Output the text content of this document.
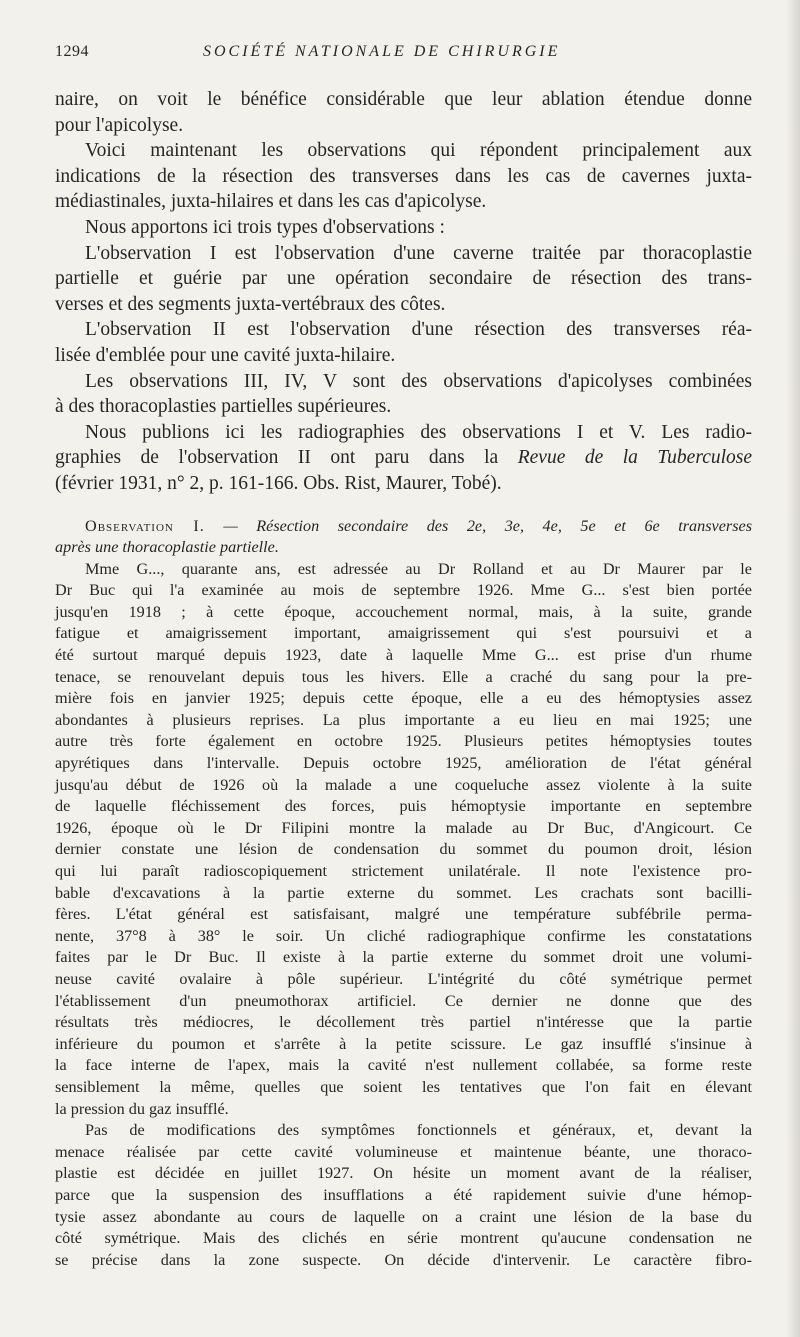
1294	SOCIÉTÉ NATIONALE DE CHIRURGIE

naire, on voit le bénéfice considérable que leur ablation étendue donne

pour l'apicolyse.

Voici maintenant les observations qui répondent principalement aux

indications de la résection des transverses dans les cas de cavernes juxta-

médiastinales, juxta-hilaires et dans les cas d'apicolyse.

Nous apportons ici trois types d'observations :

L'observation I est l'observation d'une caverne traitée par thoracoplastie

partielle et guérie par une opération secondaire de résection des trans-

verses et des segments juxta-vertébraux des côtes.

L'observation II est l'observation d'une résection des transverses réa-

lisée d'emblée pour une cavité juxta-hilaire.

Les observations III, IV, V sont des observations d'apicolyses combinées

à des thoracoplasties partielles supérieures.

Nous publions ici les radiographies des observations I et V. Les radio-

graphies de l'observation II ont paru dans la Revue de la Tuberculose

(février 1931, n° 2, p. 161-166. Obs. Rist, Maurer, Tobé).

Observation I. — Résection secondaire des 2e, 3e, 4e, 5e et 6e transverses

après une thoracoplastie partielle.

Mme G..., quarante ans, est adressée au Dr Rolland et au Dr Maurer par le

Dr Buc qui l'a examinée au mois de septembre 1926. Mme G... s'est bien portée

jusqu'en 1918 ; à cette époque, accouchement normal, mais, à la suite, grande

fatigue et amaigrissement important, amaigrissement qui s'est poursuivi et a

été surtout marqué depuis 1923, date à laquelle Mme G... est prise d'un rhume

tenace, se renouvelant depuis tous les hivers. Elle a craché du sang pour la pre-

mière fois en janvier 1925; depuis cette époque, elle a eu des hémoptysies assez

abondantes à plusieurs reprises. La plus importante a eu lieu en mai 1925; une

autre très forte également en octobre 1925. Plusieurs petites hémoptysies toutes

apyrétiques dans l'intervalle. Depuis octobre 1925, amélioration de l'état général

jusqu'au début de 1926 où la malade a une coqueluche assez violente à la suite

de laquelle fléchissement des forces, puis hémoptysie importante en septembre

1926, époque où le Dr Filipini montre la malade au Dr Buc, d'Angicourt. Ce

dernier constate une lésion de condensation du sommet du poumon droit, lésion

qui lui paraît radioscopiquement strictement unilatérale. Il note l'existence pro-

bable d'excavations à la partie externe du sommet. Les crachats sont bacilli-

fères. L'état général est satisfaisant, malgré une température subfébrile perma-

nente, 37°8 à 38° le soir. Un cliché radiographique confirme les constatations

faites par le Dr Buc. Il existe à la partie externe du sommet droit une volumi-

neuse cavité ovalaire à pôle supérieur. L'intégrité du côté symétrique permet

l'établissement d'un pneumothorax artificiel. Ce dernier ne donne que des

résultats très médiocres, le décollement très partiel n'intéresse que la partie

inférieure du poumon et s'arrête à la petite scissure. Le gaz insufflé s'insinue à

la face interne de l'apex, mais la cavité n'est nullement collabée, sa forme reste

sensiblement la même, quelles que soient les tentatives que l'on fait en élevant

la pression du gaz insufflé.

Pas de modifications des symptômes fonctionnels et généraux, et, devant la

menace réalisée par cette cavité volumineuse et maintenue béante, une thoraco-

plastie est décidée en juillet 1927. On hésite un moment avant de la réaliser,

parce que la suspension des insufflations a été rapidement suivie d'une hémop-

tysie assez abondante au cours de laquelle on a craint une lésion de la base du

côté symétrique. Mais des clichés en série montrent qu'aucune condensation ne

se précise dans la zone suspecte. On décide d'intervenir. Le caractère fibro-
